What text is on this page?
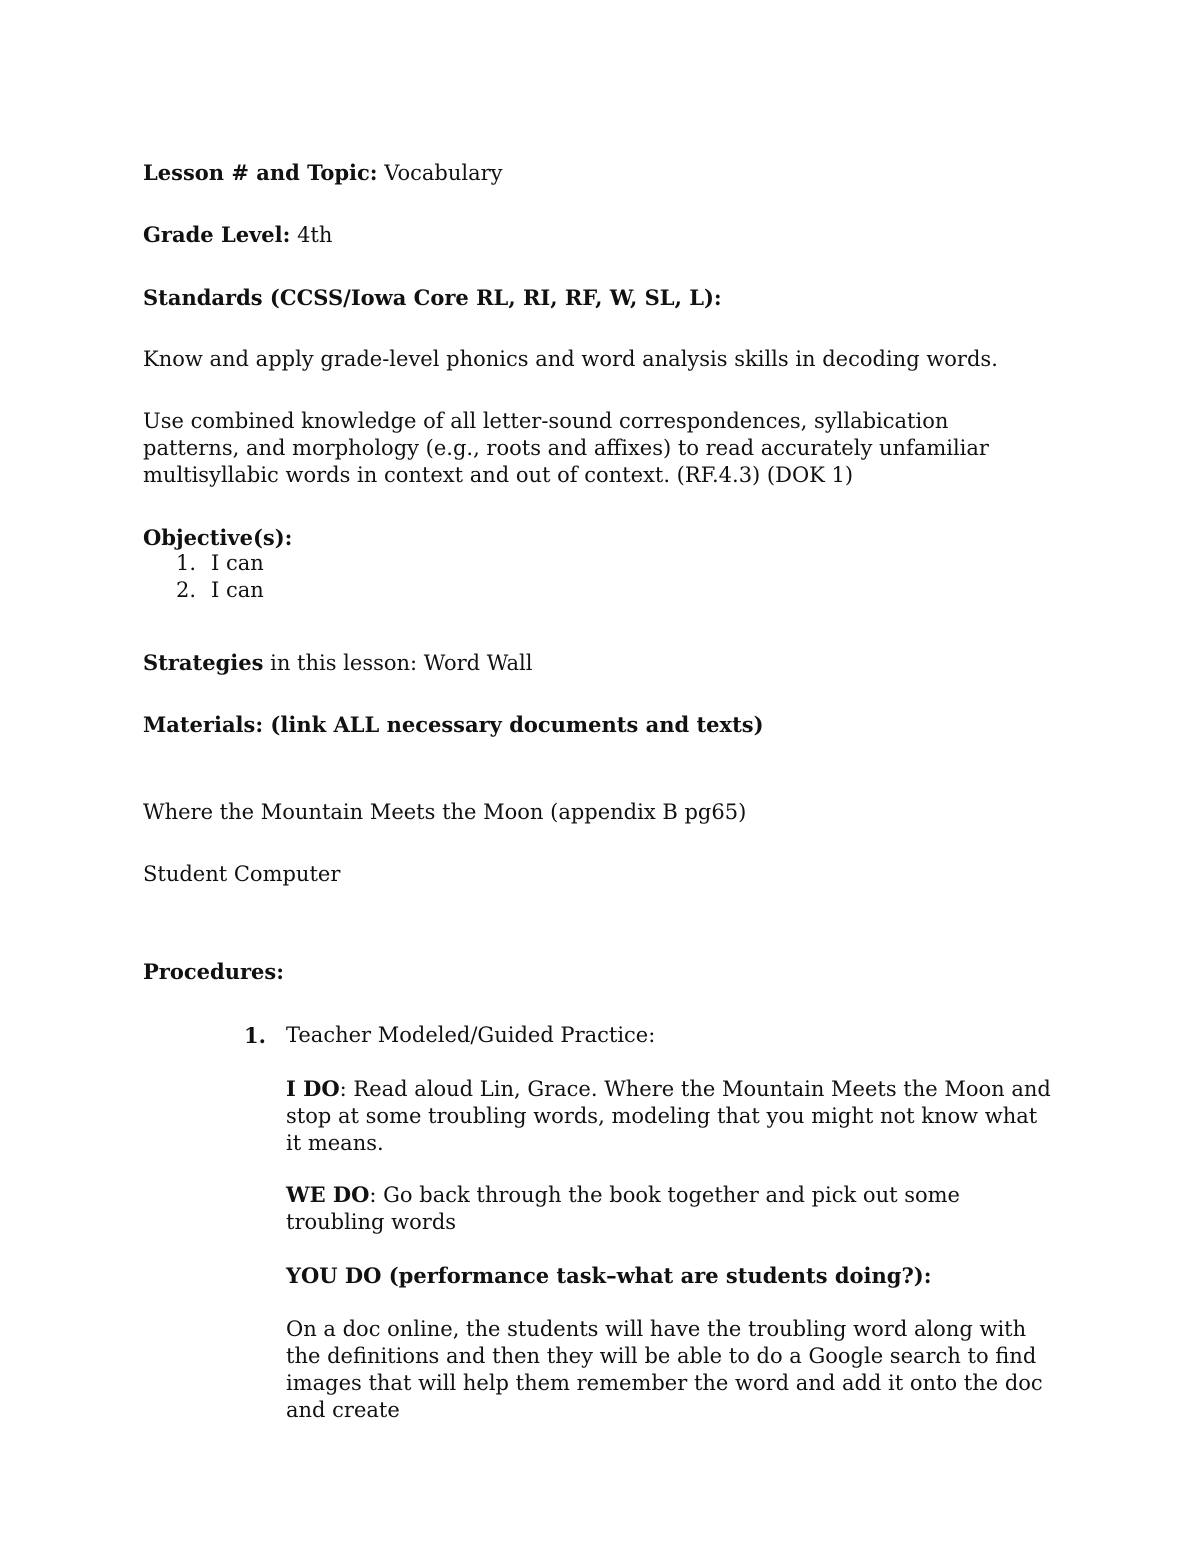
Lesson # and Topic: Vocabulary
Grade Level: 4th
Standards (CCSS/Iowa Core RL, RI, RF, W, SL, L):
Know and apply grade-level phonics and word analysis skills in decoding words.
Use combined knowledge of all letter-sound correspondences, syllabication patterns, and morphology (e.g., roots and affixes) to read accurately unfamiliar multisyllabic words in context and out of context. (RF.4.3) (DOK 1)
Objective(s):
1. I can
2. I can
Strategies in this lesson: Word Wall
Materials: (link ALL necessary documents and texts)
Where the Mountain Meets the Moon (appendix B pg65)
Student Computer
Procedures:
1. Teacher Modeled/Guided Practice:
I DO: Read aloud Lin, Grace. Where the Mountain Meets the Moon and stop at some troubling words, modeling that you might not know what it means.
WE DO: Go back through the book together and pick out some troubling words
YOU DO (performance task–what are students doing?):
On a doc online, the students will have the troubling word along with the definitions and then they will be able to do a Google search to find images that will help them remember the word and add it onto the doc and create
